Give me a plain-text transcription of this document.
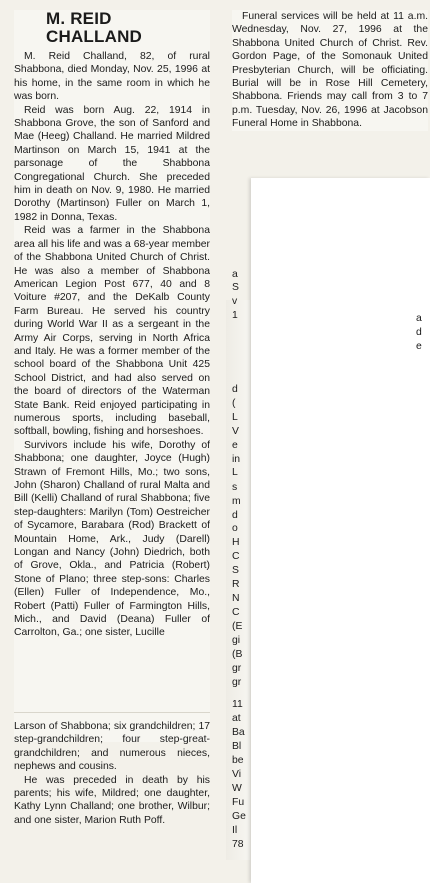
M. REID CHALLAND

M. Reid Challand, 82, of rural Shabbona, died Monday, Nov. 25, 1996 at his home, in the same room in which he was born.

Reid was born Aug. 22, 1914 in Shabbona Grove, the son of Sanford and Mae (Heeg) Challand. He married Mildred Martinson on March 15, 1941 at the parsonage of the Shabbona Congregational Church. She preceded him in death on Nov. 9, 1980. He married Dorothy (Martinson) Fuller on March 1, 1982 in Donna, Texas.

Reid was a farmer in the Shabbona area all his life and was a 68-year member of the Shabbona United Church of Christ. He was also a member of Shabbona American Legion Post 677, 40 and 8 Voiture #207, and the DeKalb County Farm Bureau. He served his country during World War II as a sergeant in the Army Air Corps, serving in North Africa and Italy. He was a former member of the school board of the Shabbona Unit 425 School District, and had also served on the board of directors of the Waterman State Bank. Reid enjoyed participating in numerous sports, including baseball, softball, bowling, fishing and horseshoes.

Survivors include his wife, Dorothy of Shabbona; one daughter, Joyce (Hugh) Strawn of Fremont Hills, Mo.; two sons, John (Sharon) Challand of rural Malta and Bill (Kelli) Challand of rural Shabbona; five step-daughters: Marilyn (Tom) Oestreicher of Sycamore, Barabara (Rod) Brackett of Mountain Home, Ark., Judy (Darell) Longan and Nancy (John) Diedrich, both of Grove, Okla., and Patricia (Robert) Stone of Plano; three step-sons: Charles (Ellen) Fuller of Independence, Mo., Robert (Patti) Fuller of Farmington Hills, Mich., and David (Deana) Fuller of Carrolton, Ga.; one sister, Lucille

Larson of Shabbona; six grandchildren; 17 step-grandchildren; four step-great-grandchildren; and numerous nieces, nephews and cousins.

He was preceded in death by his parents; his wife, Mildred; one daughter, Kathy Lynn Challand; one brother, Wilbur; and one sister, Marion Ruth Poff.

Funeral services will be held at 11 a.m. Wednesday, Nov. 27, 1996 at the Shabbona United Church of Christ. Rev. Gordon Page, of the Somonauk United Presbyterian Church, will be officiating. Burial will be in Rose Hill Cemetery, Shabbona. Friends may call from 3 to 7 p.m. Tuesday, Nov. 26, 1996 at Jacobson Funeral Home in Shabbona.

a
d
e
a
S
v
1
d
(
L
V
e
in
L
s
m
d
o
H
C
S
R
N
C
(E
gi
(B
gr
gr
11
at
Ba
Bl
be
Vi
W
Fu
Ge
Il
78
